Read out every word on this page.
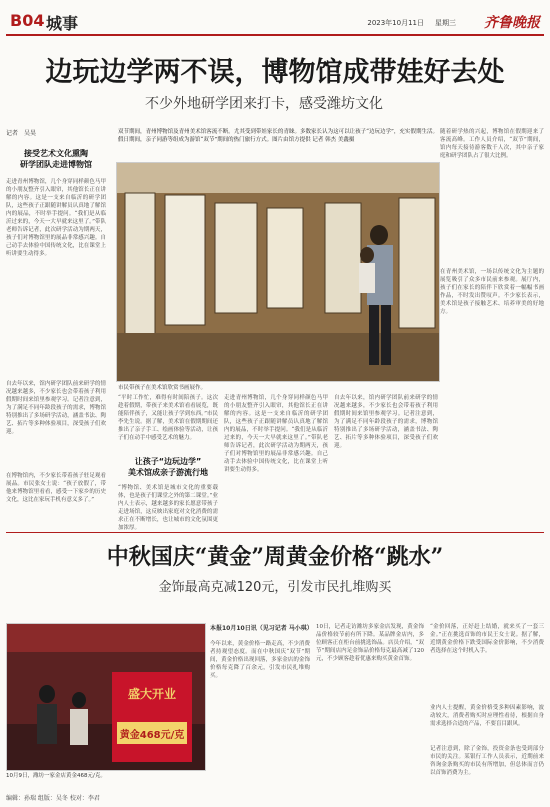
B04 城事	2023年10月11日 星期三 齐鲁晚报
边玩边学两不误，博物馆成带娃好去处
不少外地研学团来打卡，感受潍坊文化
记者　吴昊
接受艺术文化熏陶
研学团队走进博物馆
走进青州博物馆，几个身穿同样颜色马甲的小朋友整齐引入眼帘，其他馆长正在讲解的内容。这是一支来自临沂的研学团队，这些孩子正跟随讲解员认真地了解馆内的展品，不时举手提问。“我们是从临沂过来的，今天一大早就来这里了。”带队老师告诉记者，此次研学活动为期两天，孩子们对博物馆里的展品非常感兴趣。自己动手去体验中国传统文化，比在课堂上听讲要生动得多。
自去年以来，馆内研学团队前来研学的情况越来越多，不少家长也会带着孩子利用假期时间来馆里参观学习。记者注意到，为了满足不同年龄段孩子的需求，博物馆特别推出了多场研学活动，涵盖书法、陶艺、拓片等多种体验项目，深受孩子们欢迎。
在博物馆内，不少家长带着孩子驻足观看展品。市民张女士说：“孩子放假了，带他来博物馆里看看，感受一下家乡的历史文化，这比在家玩手机有意义多了。”
双节期间，青州博物馆及青州美术馆客流不断。尤其受到带娃家长的青睐。多数家长认为这可以让孩子“边玩边学”，充实假期生活。假日期间，亲子同游等组成为游馆“双节”期间的热门旅行方式。图片由馆方提供 记者 韩杰 美鑫摄
市民带孩子在美术馆欣赏书画展作。
随着研学热的兴起，博物馆在假期迎来了客流高峰。工作人员介绍，“双节”期间，馆内每天接待游客数千人次，其中亲子家庭和研学团队占了很大比例。
在青州美术馆，一场以传统文化为主题的展览吸引了众多市民前来参观。展厅内，孩子们在家长的陪伴下欣赏着一幅幅书画作品，不时发出赞叹声。不少家长表示，美术馆是孩子接触艺术、培养审美的好地方。
“平时工作忙，难得有时间陪孩子。这次趁着假期，带孩子来美术馆看看展览，既能陪伴孩子，又能让孩子学到东西。”市民李先生说。据了解，美术馆在假期期间还推出了亲子手工、绘画体验等活动，让孩子们在动手中感受艺术的魅力。
让孩子“边玩边学”
美术馆成亲子游流行地
“博物馆、美术馆是城市文化的重要载体，也是孩子们课堂之外的第二课堂。”业内人士表示，越来越多的家长愿意带孩子走进场馆，这反映出家庭对文化消费的需求正在不断增长，也让城市的文化氛围更加浓厚。
走进青州博物馆，几个身穿同样颜色马甲的小朋友整齐引入眼帘，其他馆长正在讲解的内容。这是一支来自临沂的研学团队，这些孩子正跟随讲解员认真地了解馆内的展品，不时举手提问。“我们是从临沂过来的，今天一大早就来这里了。”带队老师告诉记者，此次研学活动为期两天，孩子们对博物馆里的展品非常感兴趣。自己动手去体验中国传统文化，比在课堂上听讲要生动得多。
自去年以来，馆内研学团队前来研学的情况越来越多，不少家长也会带着孩子利用假期时间来馆里参观学习。记者注意到，为了满足不同年龄段孩子的需求，博物馆特别推出了多场研学活动，涵盖书法、陶艺、拓片等多种体验项目，深受孩子们欢迎。
中秋国庆“黄金”周黄金价格“跳水”
金饰最高克减120元，引发市民扎堆购买
盛大开业
黄金468元/克
10月9日，潍坊一家金店黄金468元/克。
本报10月10日讯（见习记者 马小琪）
今年以来，黄金价格一路走高，不少消费者持观望态度。而在中秋国庆“双节”期间，黄金价格出现回落，多家金店的金饰价格每克降了百余元，引发市民扎堆购买。
10日，记者走访潍坊多家金店发现，黄金饰品价格较节前有所下降。某品牌金店内，多位顾客正在柜台前挑选饰品。店员介绍，“双节”期间店内足金饰品价格每克最高减了120元，不少顾客趁着优惠来购买黄金首饰。
“金价回落，正好赶上结婚，就来买了一套三金。”正在挑选首饰的市民王女士说。据了解，近期黄金价格下跌受国际金价影响，不少消费者选择在这个时机入手。
业内人士提醒，黄金价格受多种因素影响，波动较大，消费者购买时应理性看待，根据自身需求选择合适的产品，不要盲目跟风。
记者注意到，除了金饰，投资金条也受到部分市民的关注。某银行工作人员表示，近期前来咨询金条购买的市民有所增加，但总体而言仍以首饰消费为主。
编辑：孙瑞 组版：吴冬 校对：李君
